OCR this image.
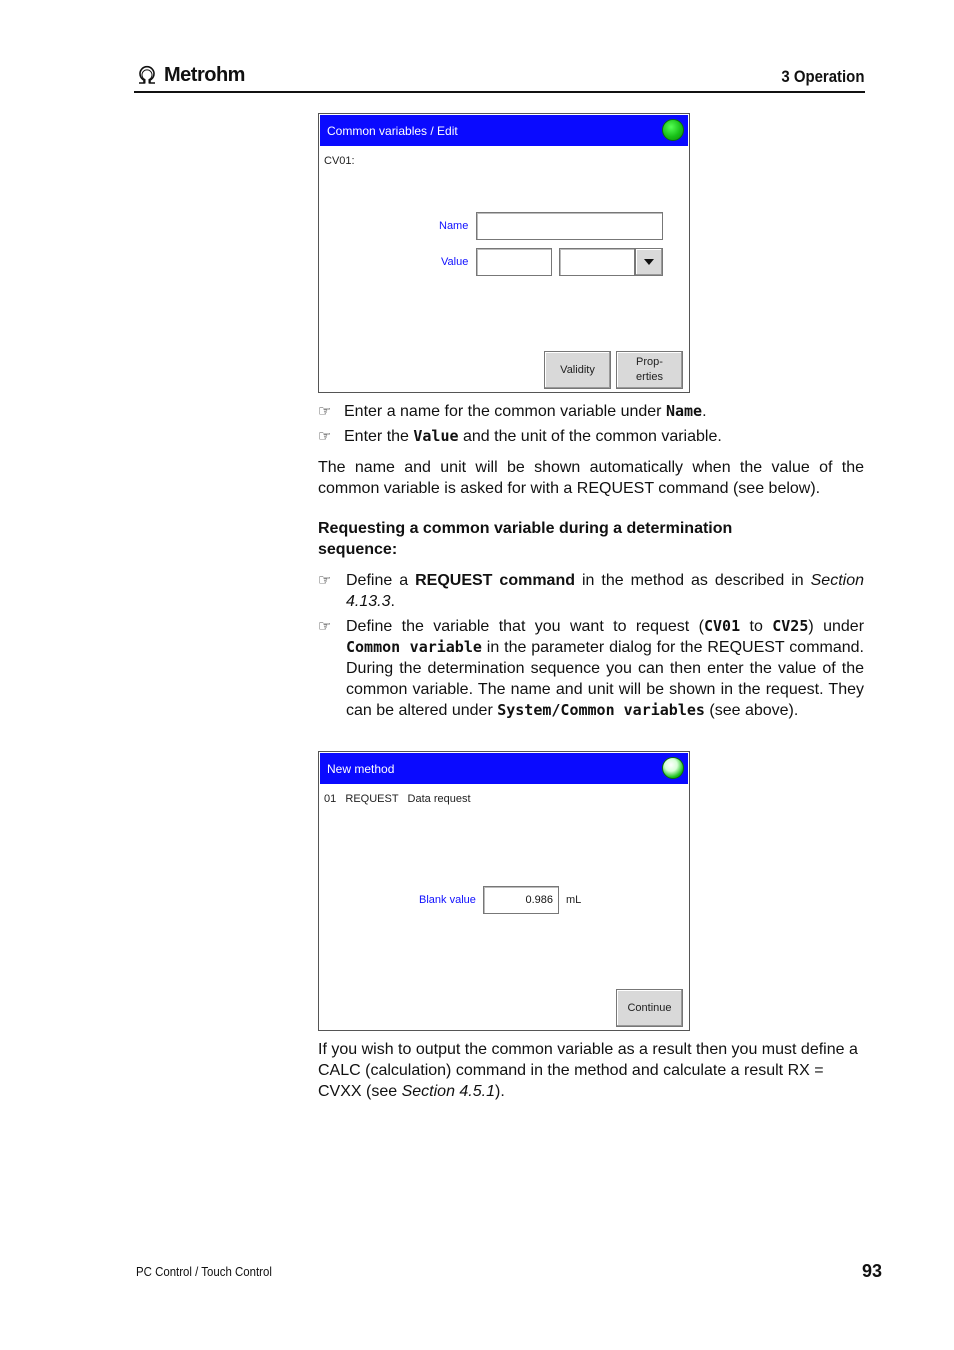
Metrohm	3 Operation
Common variables / Edit
CV01:
Name
Value
Validity
Prop-
erties
☞ Enter a name for the common variable under Name.
☞ Enter the Value and the unit of the common variable.
The name and unit will be shown automatically when the value of the common variable is asked for with a REQUEST command (see below).
Requesting a common variable during a determination sequence:
☞ Define a REQUEST command in the method as described in Section 4.13.3.
☞ Define the variable that you want to request (CV01 to CV25) under Common variable in the parameter dialog for the REQUEST command. During the determination sequence you can then enter the value of the common variable. The name and unit will be shown in the request. They can be altered under System/Common variables (see above).
New method
01   REQUEST   Data request
Blank value	0.986	mL
Continue
If you wish to output the common variable as a result then you must define a CALC (calculation) command in the method and calculate a result RX = CVXX (see Section 4.5.1).
PC Control / Touch Control	93
